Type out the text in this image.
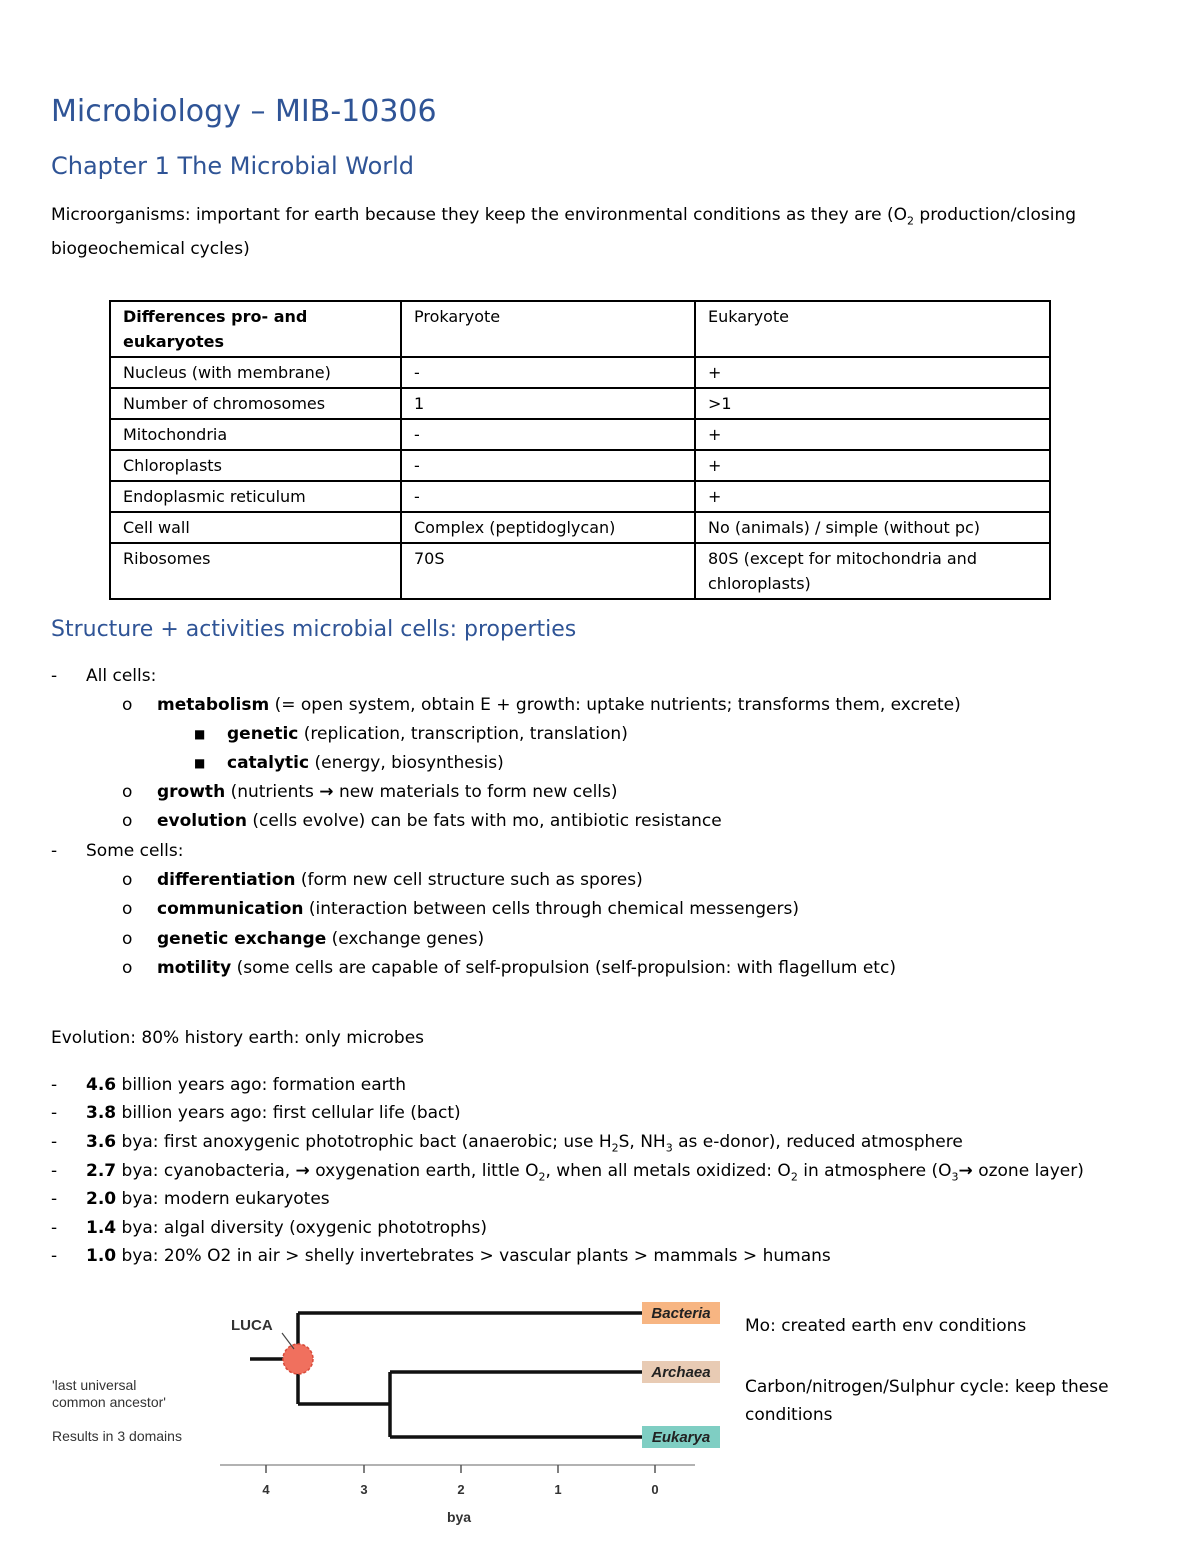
Microbiology – MIB-10306
Chapter 1 The Microbial World
Microorganisms: important for earth because they keep the environmental conditions as they are ($O_2$ production/closing biogeochemical cycles)
Differences pro- and eukaryotes	Prokaryote	Eukaryote
Nucleus (with membrane)	-	+
Number of chromosomes	1	>1
Mitochondria	-	+
Chloroplasts	-	+
Endoplasmic reticulum	-	+
Cell wall	Complex (peptidoglycan)	No (animals) / simple (without pc)
Ribosomes	70S	80S (except for mitochondria and chloroplasts)
Structure + activities microbial cells: properties
- All cells:
o metabolism (= open system, obtain E + growth: uptake nutrients; transforms them, excrete)
■ genetic (replication, transcription, translation)
■ catalytic (energy, biosynthesis)
o growth (nutrients → new materials to form new cells)
o evolution (cells evolve) can be fats with mo, antibiotic resistance
- Some cells:
o differentiation (form new cell structure such as spores)
o communication (interaction between cells through chemical messengers)
o genetic exchange (exchange genes)
o motility (some cells are capable of self-propulsion (self-propulsion: with flagellum etc)
Evolution: 80% history earth: only microbes
- 4.6 billion years ago: formation earth
- 3.8 billion years ago: first cellular life (bact)
- 3.6 bya: first anoxygenic phototrophic bact (anaerobic; use $H_2S$, $NH_3$ as e-donor), reduced atmosphere
- 2.7 bya: cyanobacteria, → oxygenation earth, little $O_2$, when all metals oxidized: $O_2$ in atmosphere ($O_3\to$ ozone layer)
- 2.0 bya: modern eukaryotes
- 1.4 bya: algal diversity (oxygenic phototrophs)
- 1.0 bya: 20% O2 in air > shelly invertebrates > vascular plants > mammals > humans
LUCA
'last universal
common ancestor'
Results in 3 domains
Bacteria
Archaea
Eukarya
4	3	2	1	0
bya
Mo: created earth env conditions
Carbon/nitrogen/Sulphur cycle: keep these conditions
